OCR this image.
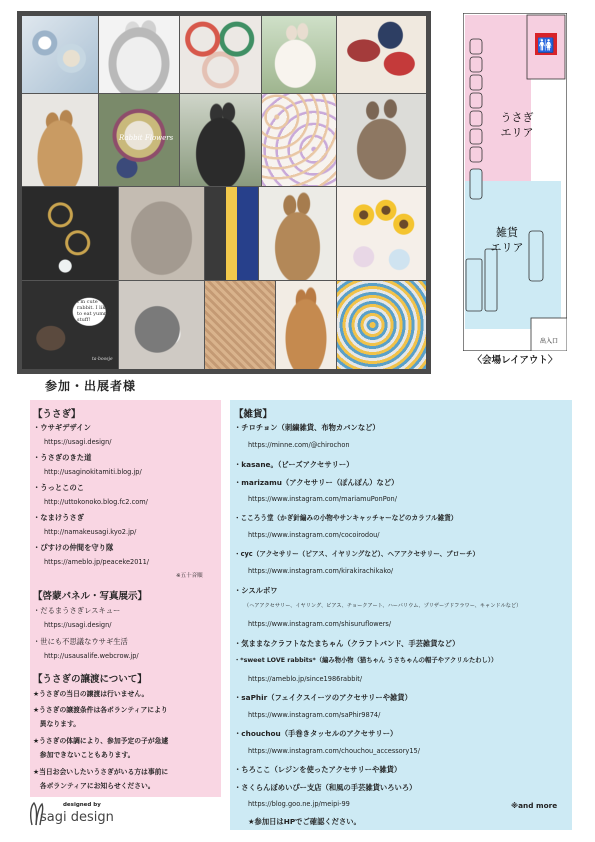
Rabbit Flowers
I'm cute rabbit. I like to eat yummy stuff!
ta-boosje
🚻
うさぎ
エリア
雑貨
エリア
出入口
〈会場レイアウト〉
参加・出展者様
【うさぎ】
・ウサギデザイン
https://usagi.design/
・うさぎのきた道
http://usaginokitamiti.blog.jp/
・うっとこのこ
http://uttokonoko.blog.fc2.com/
・なまけうさぎ
http://namakeusagi.kyo2.jp/
・ぴすけの仲間を守り隊
https://ameblo.jp/peaceke2011/
※五十音順
【啓蒙パネル・写真展示】
・だるまうさぎレスキュー
https://usagi.design/
・世にも不思議なウサギ生活
http://usausalife.webcrow.jp/
【うさぎの譲渡について】
★うさぎの当日の譲渡は行いません。
★うさぎの譲渡条件は各ボランティアにより
　異なります。
★うさぎの体調により、参加予定の子が急遽
　参加できないこともあります。
★当日お会いしたいうさぎがいる方は事前に
　各ボランティアにお知らせください。
【雑貨】
・チロチョン（刺繍雑貨、布物カバンなど）
https://minne.com/@chirochon
・kasane。（ビーズアクセサリー）
・marizamu（アクセサリー（ぽんぽん）など）
https://www.instagram.com/mariamuPonPon/
・こころう堂（かぎ針編みの小物やサンキャッチャーなどのカラフル雑貨）
https://www.instagram.com/cocoirodou/
・cyc（アクセサリー（ピアス、イヤリングなど）、ヘアアクセサリー、ブローチ）
https://www.instagram.com/kirakirachikako/
・シスルボワ
（ヘアアクセサリー、イヤリング、ピアス、チョークアート、ハーバリウム、プリザーブドフラワー、キャンドルなど）
https://www.instagram.com/shisuruflowers/
・気ままなクラフトなたまちゃん（クラフトバンド、手芸雑貨など）
・*sweet LOVE rabbits*（編み物小物（猫ちゃん うさちゃんの帽子やアクリルたわし））
https://ameblo.jp/since1986rabbit/
・saPhir（フェイクスイーツのアクセサリーや雑貨）
https://www.instagram.com/saPhir9874/
・chouchou（手巻きタッセルのアクセサリー）
https://www.instagram.com/chouchou_accessory15/
・ちろここ（レジンを使ったアクセサリーや雑貨）
・さくらんぼめいぴー支店（和風の手芸雑貨いろいろ）
https://blog.goo.ne.jp/meipi-99	※and more
★参加日はHPでご確認ください。
designed by
sagi design
